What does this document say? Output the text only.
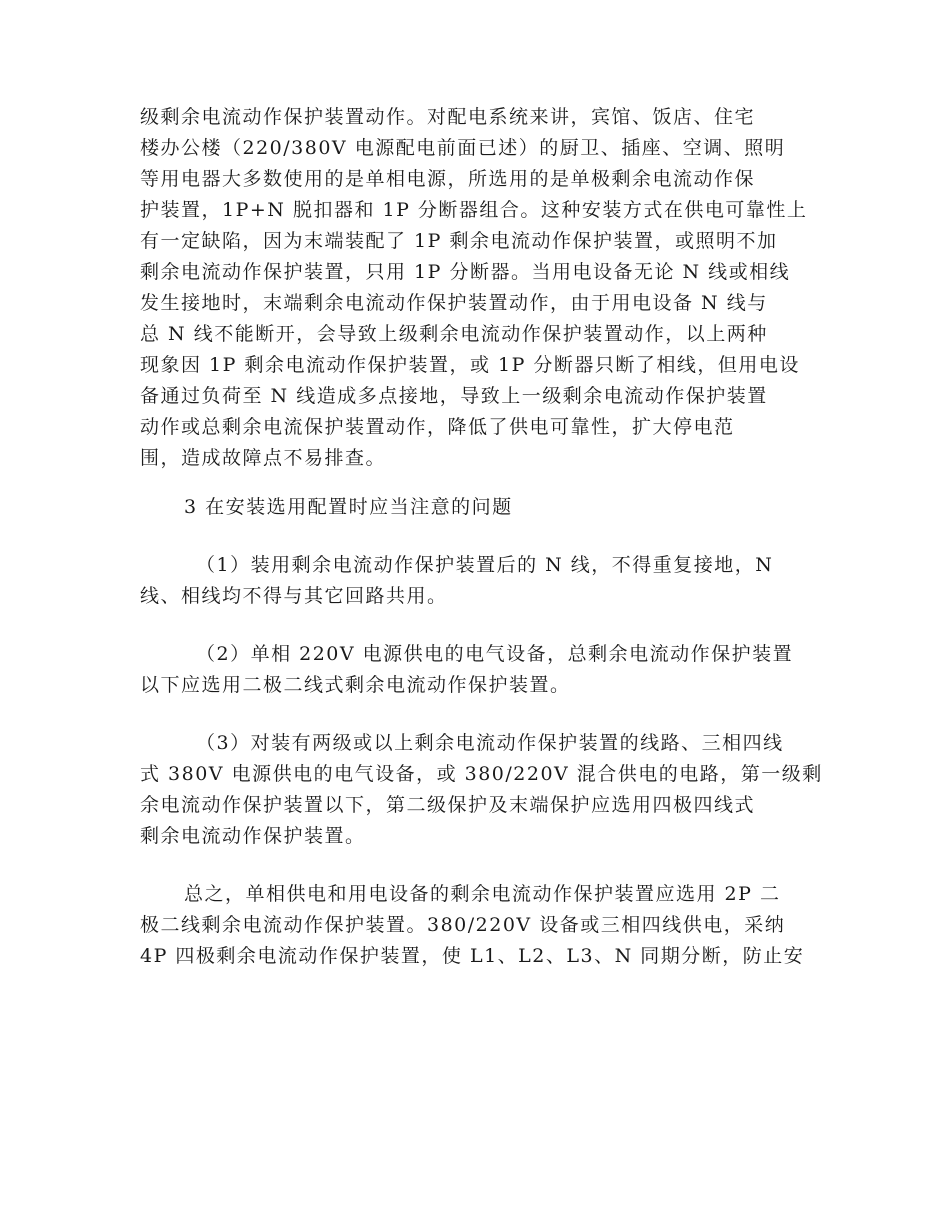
级剩余电流动作保护装置动作。对配电系统来讲，宾馆、饭店、住宅
楼办公楼（220/380V 电源配电前面已述）的厨卫、插座、空调、照明
等用电器大多数使用的是单相电源，所选用的是单极剩余电流动作保
护装置，1P+N 脱扣器和 1P 分断器组合。这种安装方式在供电可靠性上
有一定缺陷，因为末端装配了 1P 剩余电流动作保护装置，或照明不加
剩余电流动作保护装置，只用 1P 分断器。当用电设备无论 N 线或相线
发生接地时，末端剩余电流动作保护装置动作，由于用电设备 N 线与
总 N 线不能断开，会导致上级剩余电流动作保护装置动作，以上两种
现象因 1P 剩余电流动作保护装置，或 1P 分断器只断了相线，但用电设
备通过负荷至 N 线造成多点接地，导致上一级剩余电流动作保护装置
动作或总剩余电流保护装置动作，降低了供电可靠性，扩大停电范
围，造成故障点不易排查。

3 在安装选用配置时应当注意的问题

（1）装用剩余电流动作保护装置后的 N 线，不得重复接地，N
线、相线均不得与其它回路共用。

（2）单相 220V 电源供电的电气设备，总剩余电流动作保护装置
以下应选用二极二线式剩余电流动作保护装置。

（3）对装有两级或以上剩余电流动作保护装置的线路、三相四线
式 380V 电源供电的电气设备，或 380/220V 混合供电的电路，第一级剩
余电流动作保护装置以下，第二级保护及末端保护应选用四极四线式
剩余电流动作保护装置。

总之，单相供电和用电设备的剩余电流动作保护装置应选用 2P 二
极二线剩余电流动作保护装置。380/220V 设备或三相四线供电，采纳
4P 四极剩余电流动作保护装置，使 L1、L2、L3、N 同期分断，防止安
